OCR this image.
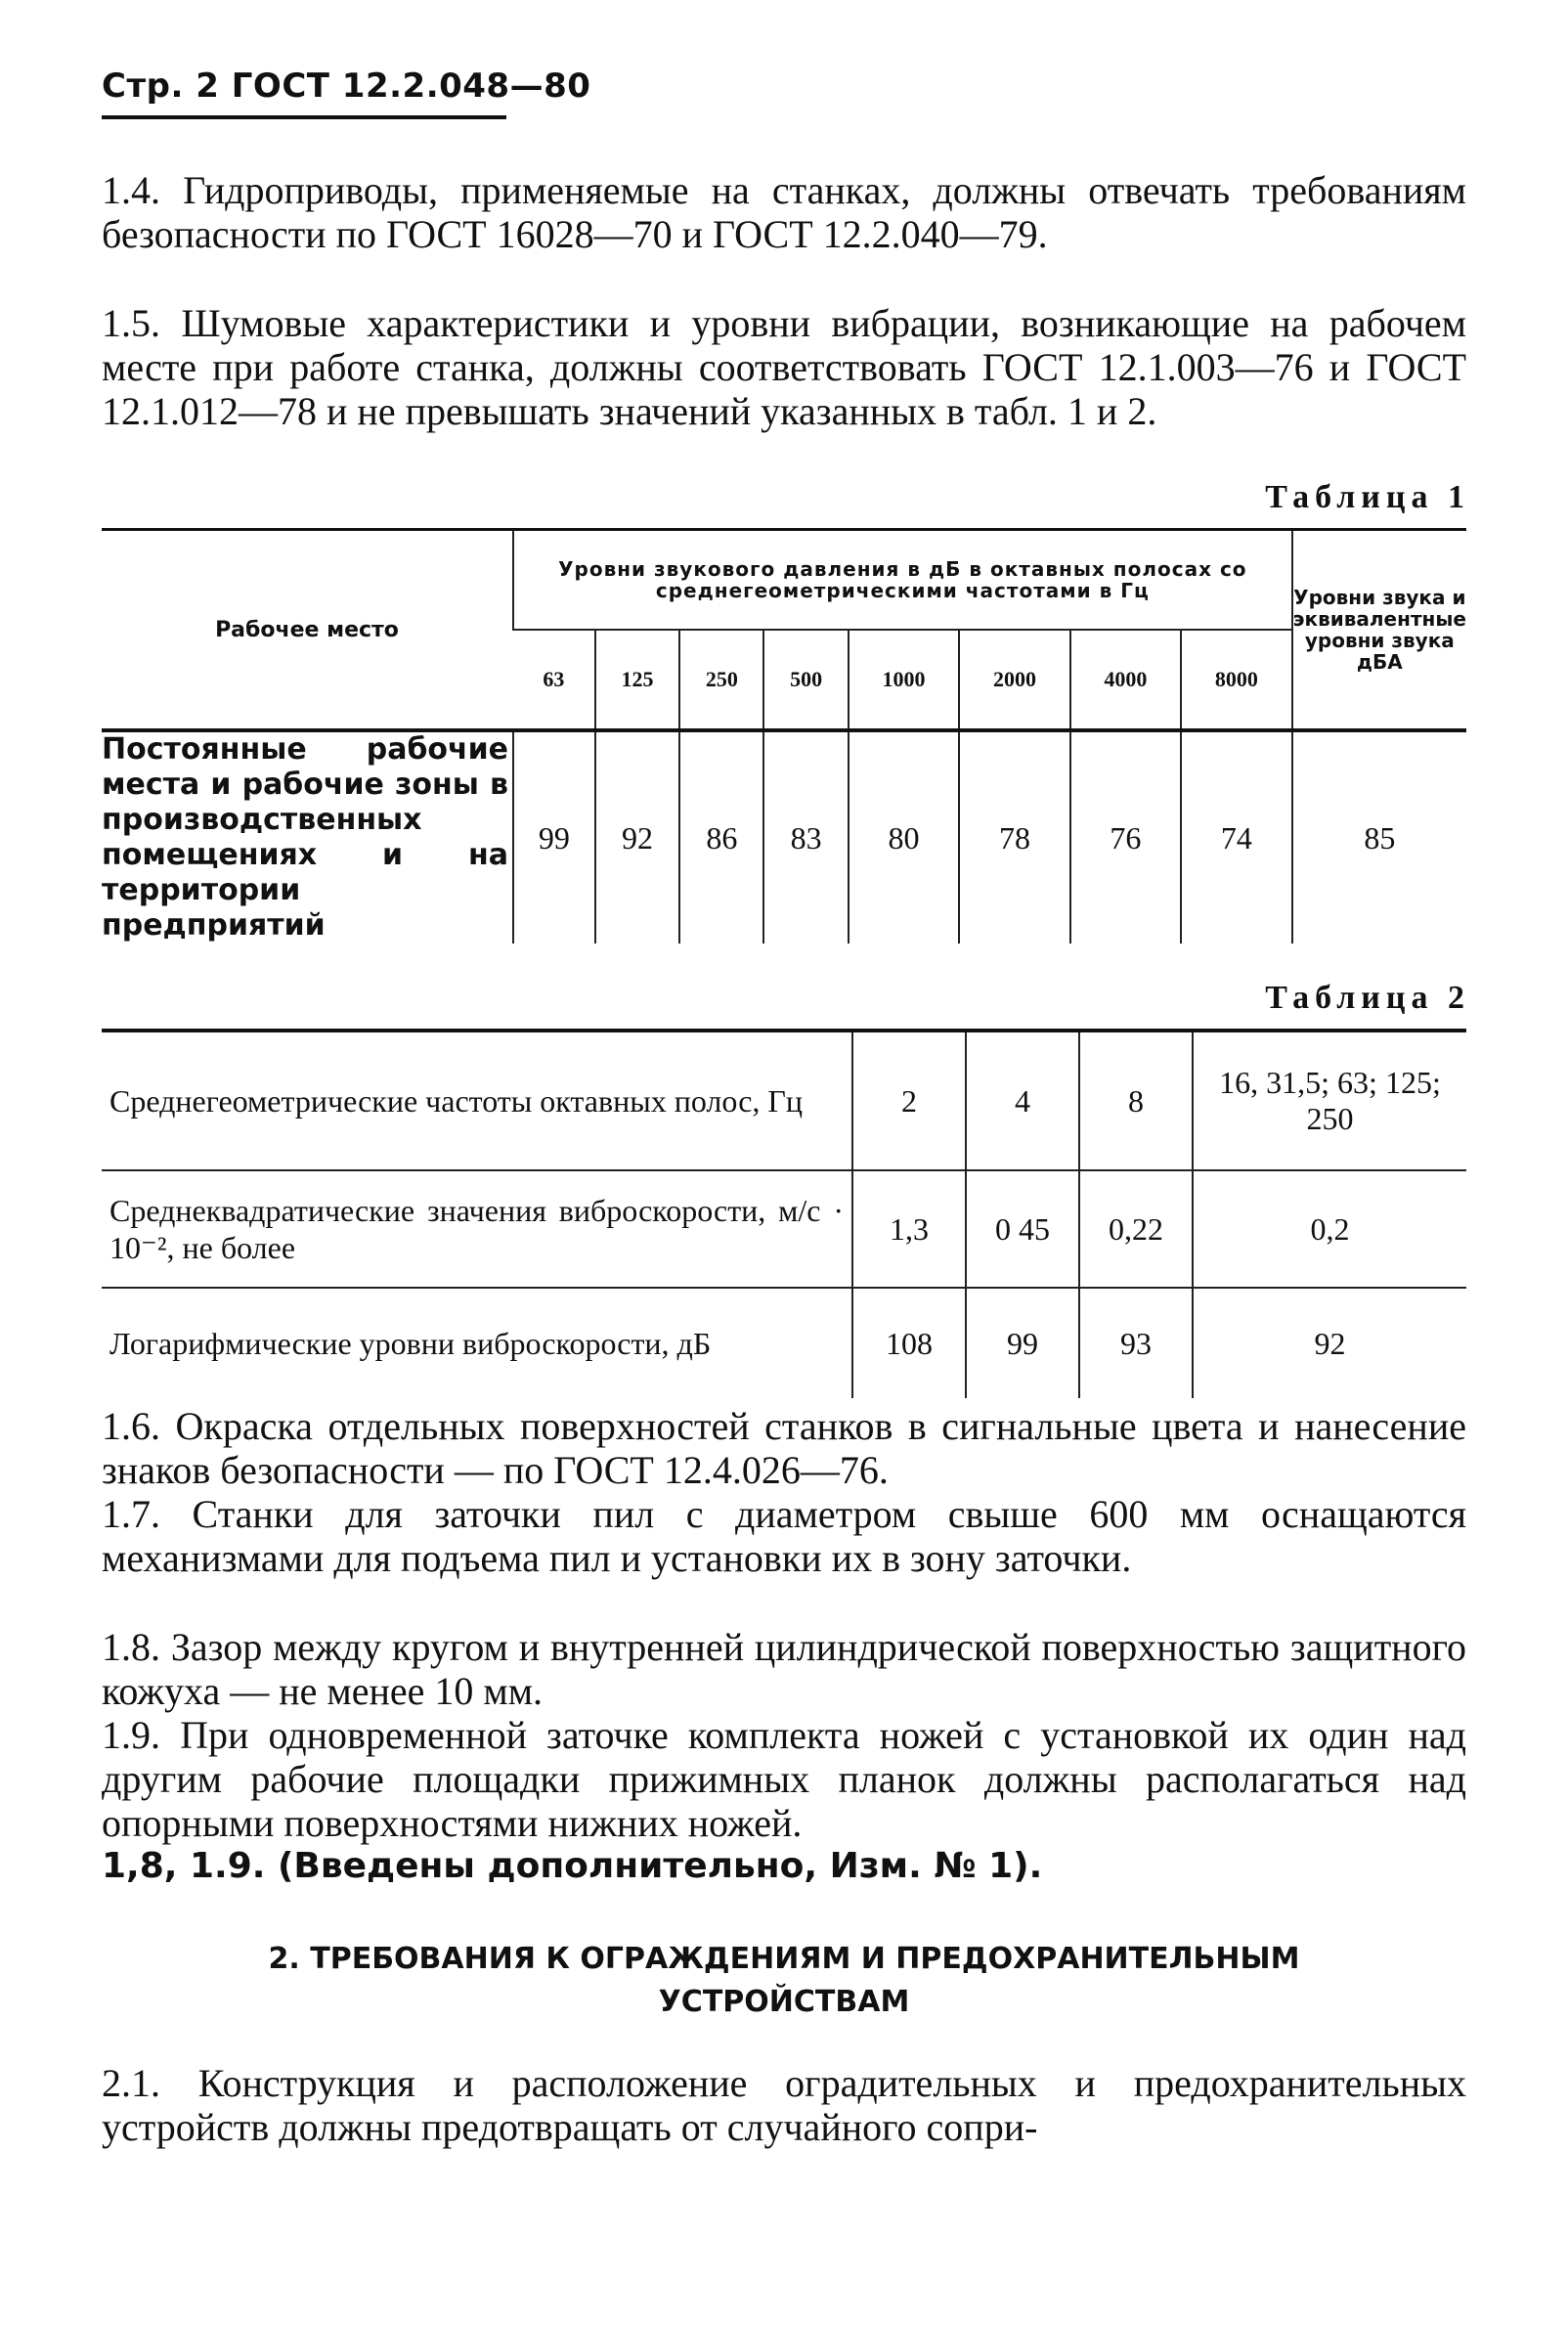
Стр. 2 ГОСТ 12.2.048—80
1.4. Гидроприводы, применяемые на станках, должны отвечать требованиям безопасности по ГОСТ 16028—70 и ГОСТ 12.2.040—79.
1.5. Шумовые характеристики и уровни вибрации, возникающие на рабочем месте при работе станка, должны соответствовать ГОСТ 12.1.003—76 и ГОСТ 12.1.012—78 и не превышать значений указанных в табл. 1 и 2.
Таблица 1
Рабочее место	Уровни звукового давления в дБ в октавных полосах со среднегеометрическими частотами в Гц								Уровни звука и эквивалентные уровни звука дБА
	63	125	250	500	1000	2000	4000	8000	
Постоянные рабочие места и рабочие зоны в производственных помещениях и на территории предприятий	99	92	86	83	80	78	76	74	85
Таблица 2
Среднегеометрические частоты октавных полос, Гц	2	4	8	16, 31,5; 63; 125; 250
Среднеквадратические значения виброскорости, м/с · 10⁻², не более	1,3	0 45	0,22	0,2
Логарифмические уровни виброскорости, дБ	108	99	93	92
1.6. Окраска отдельных поверхностей станков в сигнальные цвета и нанесение знаков безопасности — по ГОСТ 12.4.026—76.
1.7. Станки для заточки пил с диаметром свыше 600 мм оснащаются механизмами для подъема пил и установки их в зону заточки.
1.8. Зазор между кругом и внутренней цилиндрической поверхностью защитного кожуха — не менее 10 мм.
1.9. При одновременной заточке комплекта ножей с установкой их один над другим рабочие площадки прижимных планок должны располагаться над опорными поверхностями нижних ножей.
1,8, 1.9. (Введены дополнительно, Изм. № 1).
2. ТРЕБОВАНИЯ К ОГРАЖДЕНИЯМ И ПРЕДОХРАНИТЕЛЬНЫМ
УСТРОЙСТВАМ
2.1. Конструкция и расположение оградительных и предохранительных устройств должны предотвращать от случайного сопри-
